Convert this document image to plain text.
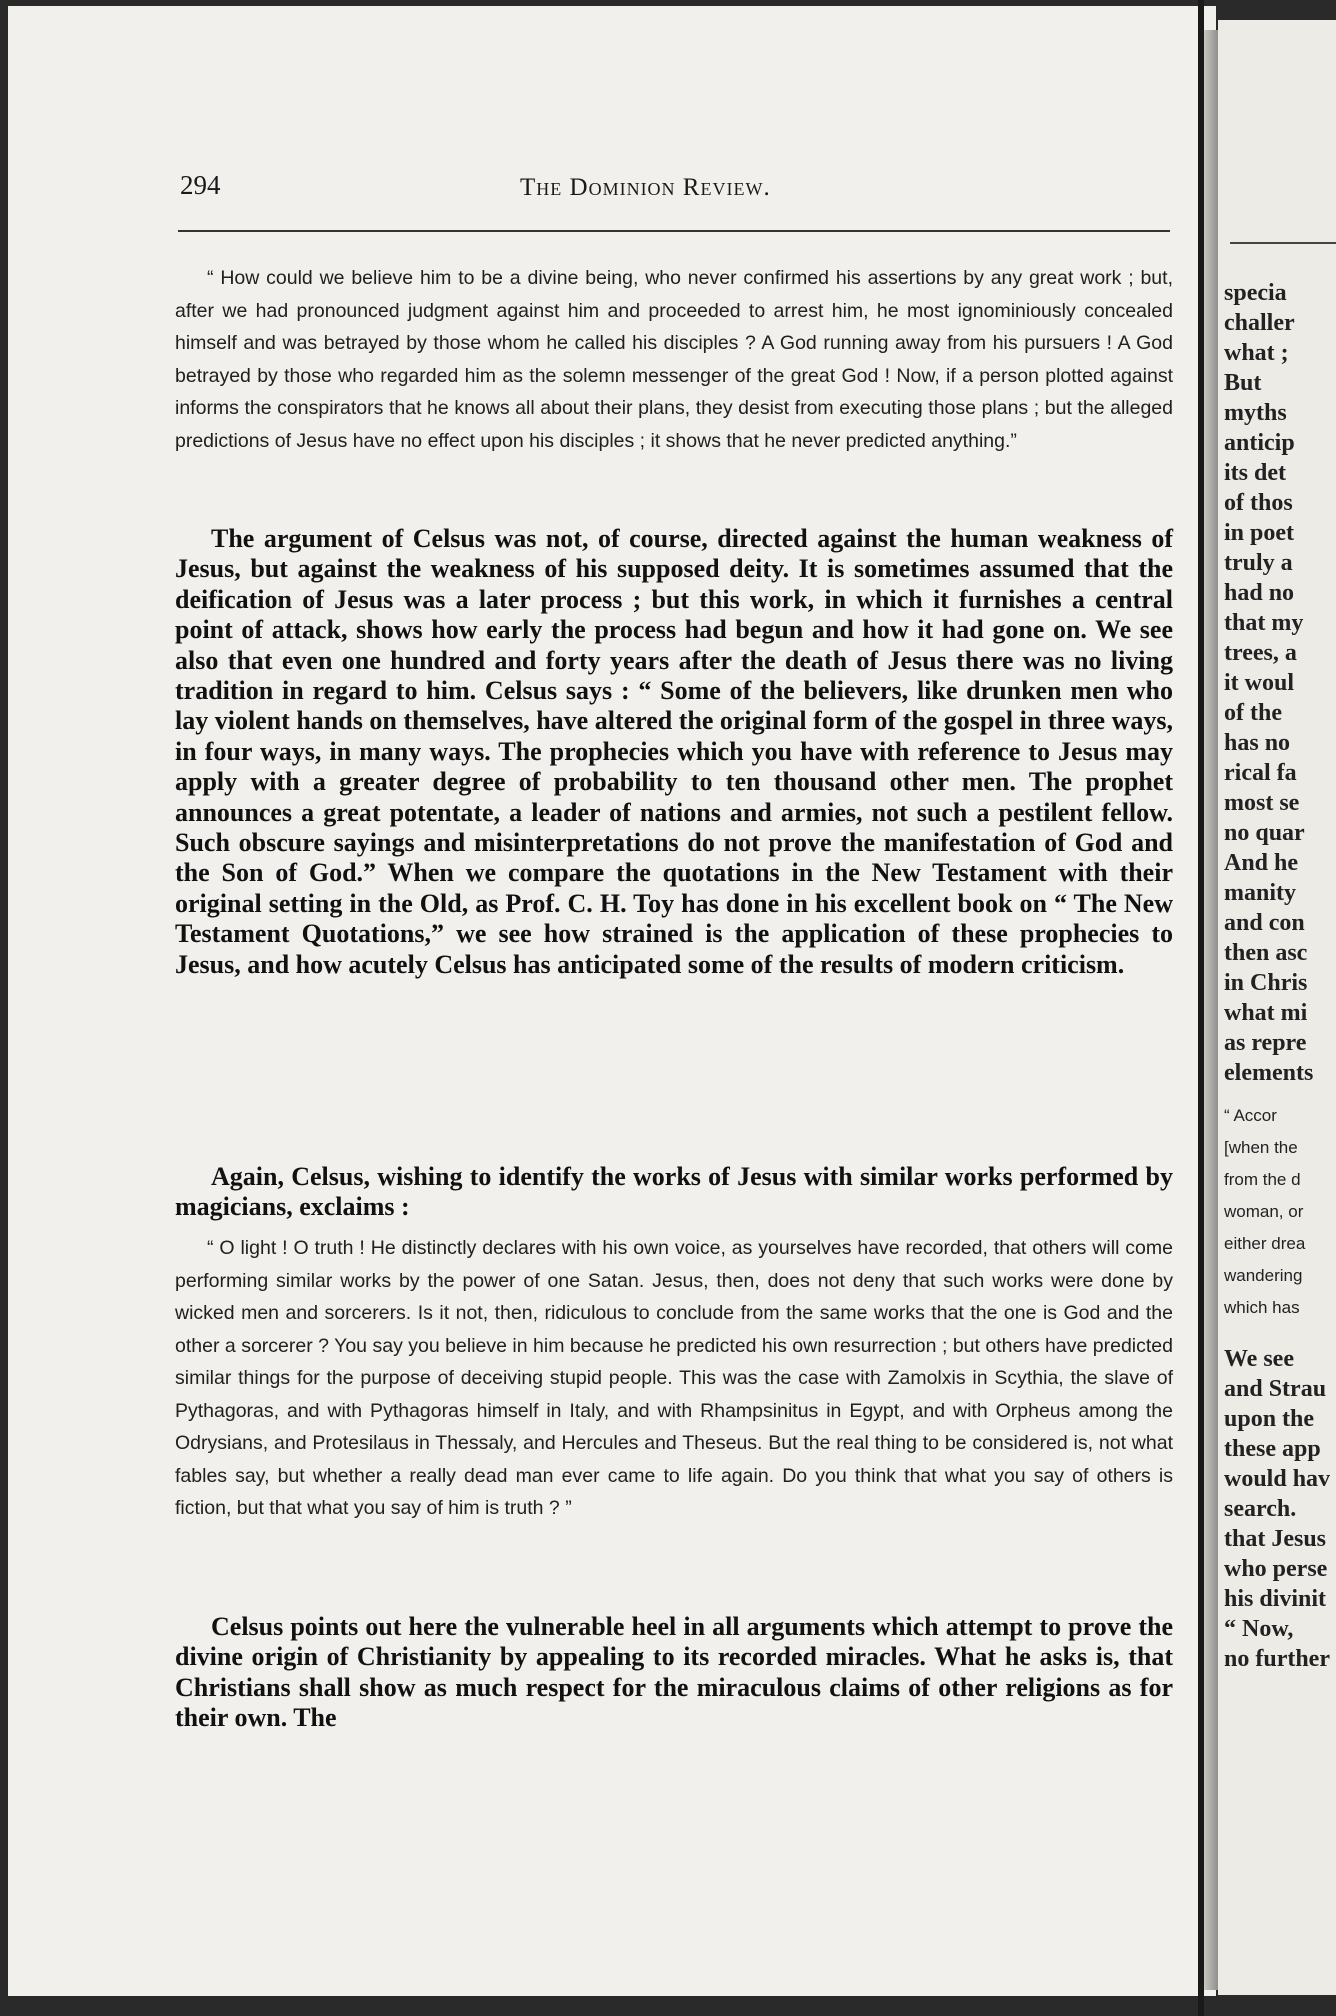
specia
challer
what ;
But
myths
anticip
its det
of thos
in poet
truly a
had no
that my
trees, a
it woul
of the
has no
rical fa
most se
no quar
And he
manity
and con
then asc
in Chris
what mi
as repre
elements
“ Accor
[when the
from the d
woman, or
either drea
wandering
which has
We see
and Strau
upon the
these app
would hav
search.
that Jesus
who perse
his divinit
“ Now,
no further
294	The Dominion Review.

“ How could we believe him to be a divine being, who never confirmed his assertions by any great work ; but, after we had pronounced judgment against him and proceeded to arrest him, he most ignominiously concealed himself and was betrayed by those whom he called his disciples ? A God running away from his pursuers ! A God betrayed by those who regarded him as the solemn messenger of the great God ! Now, if a person plotted against informs the conspirators that he knows all about their plans, they desist from executing those plans ; but the alleged predictions of Jesus have no effect upon his disciples ; it shows that he never predicted anything.”

The argument of Celsus was not, of course, directed against the human weakness of Jesus, but against the weakness of his supposed deity. It is sometimes assumed that the deification of Jesus was a later process ; but this work, in which it furnishes a central point of attack, shows how early the process had begun and how it had gone on. We see also that even one hundred and forty years after the death of Jesus there was no living tradition in regard to him. Celsus says : “ Some of the believers, like drunken men who lay violent hands on themselves, have altered the original form of the gospel in three ways, in four ways, in many ways. The prophecies which you have with reference to Jesus may apply with a greater degree of probability to ten thousand other men. The prophet announces a great potentate, a leader of nations and armies, not such a pestilent fellow. Such obscure sayings and misinterpretations do not prove the manifestation of God and the Son of God.” When we compare the quotations in the New Testament with their original setting in the Old, as Prof. C. H. Toy has done in his excellent book on “ The New Testament Quotations,” we see how strained is the application of these prophecies to Jesus, and how acutely Celsus has anticipated some of the results of modern criticism.

Again, Celsus, wishing to identify the works of Jesus with similar works performed by magicians, exclaims :

“ O light ! O truth ! He distinctly declares with his own voice, as yourselves have recorded, that others will come performing similar works by the power of one Satan. Jesus, then, does not deny that such works were done by wicked men and sorcerers. Is it not, then, ridiculous to conclude from the same works that the one is God and the other a sorcerer ? You say you believe in him because he predicted his own resurrection ; but others have predicted similar things for the purpose of deceiving stupid people. This was the case with Zamolxis in Scythia, the slave of Pythagoras, and with Pythagoras himself in Italy, and with Rhampsinitus in Egypt, and with Orpheus among the Odrysians, and Protesilaus in Thessaly, and Hercules and Theseus. But the real thing to be considered is, not what fables say, but whether a really dead man ever came to life again. Do you think that what you say of others is fiction, but that what you say of him is truth ? ”

Celsus points out here the vulnerable heel in all arguments which attempt to prove the divine origin of Christianity by appealing to its recorded miracles. What he asks is, that Christians shall show as much respect for the miraculous claims of other religions as for their own. The
